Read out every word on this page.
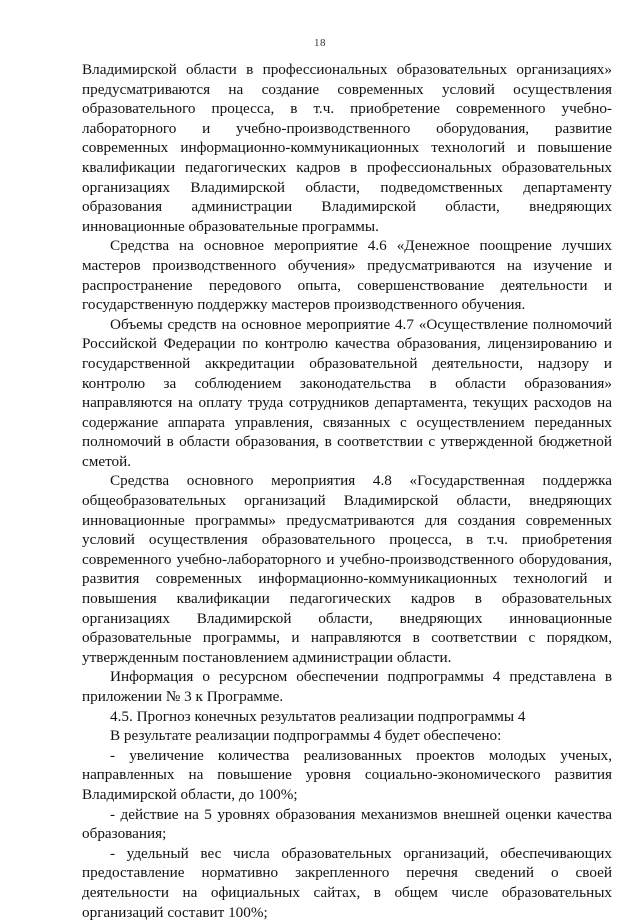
18

Владимирской области в профессиональных образовательных организациях» предусматриваются на создание современных условий осуществления образовательного процесса, в т.ч. приобретение современного учебно-лабораторного и учебно-производственного оборудования, развитие современных информационно-коммуникационных технологий и повышение квалификации педагогических кадров в профессиональных образовательных организациях Владимирской области, подведомственных департаменту образования администрации Владимирской области, внедряющих инновационные образовательные программы.

Средства на основное мероприятие 4.6 «Денежное поощрение лучших мастеров производственного обучения» предусматриваются на изучение и распространение передового опыта, совершенствование деятельности и государственную поддержку мастеров производственного обучения.

Объемы средств на основное мероприятие 4.7 «Осуществление полномочий Российской Федерации по контролю качества образования, лицензированию и государственной аккредитации образовательной деятельности, надзору и контролю за соблюдением законодательства в области образования» направляются на оплату труда сотрудников департамента, текущих расходов на содержание аппарата управления, связанных с осуществлением переданных полномочий в области образования, в соответствии с утвержденной бюджетной сметой.

Средства основного мероприятия 4.8 «Государственная поддержка общеобразовательных организаций Владимирской области, внедряющих инновационные программы» предусматриваются для создания современных условий осуществления образовательного процесса, в т.ч. приобретения современного учебно-лабораторного и учебно-производственного оборудования, развития современных информационно-коммуникационных технологий и повышения квалификации педагогических кадров в образовательных организациях Владимирской области, внедряющих инновационные образовательные программы, и направляются в соответствии с порядком, утвержденным постановлением администрации области.

Информация о ресурсном обеспечении подпрограммы 4 представлена в приложении № 3 к Программе.

4.5. Прогноз конечных результатов реализации подпрограммы 4

В результате реализации подпрограммы 4 будет обеспечено:

- увеличение количества реализованных проектов молодых ученых, направленных на повышение уровня социально-экономического развития Владимирской области, до 100%;

- действие на 5 уровнях образования механизмов внешней оценки качества образования;

- удельный вес числа образовательных организаций, обеспечивающих предоставление нормативно закрепленного перечня сведений о своей деятельности на официальных сайтах, в общем числе образовательных организаций составит 100%;
